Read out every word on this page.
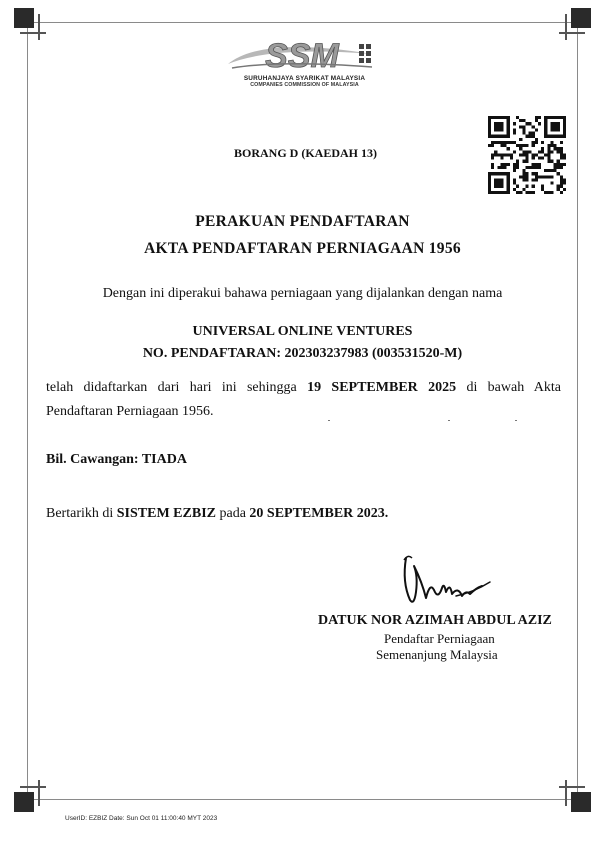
SSM
SURUHANJAYA SYARIKAT MALAYSIA
COMPANIES COMMISSION OF MALAYSIA
BORANG D (KAEDAH 13)
PERAKUAN PENDAFTARAN
AKTA PENDAFTARAN PERNIAGAAN 1956
Dengan ini diperakui bahawa perniagaan yang dijalankan dengan nama
UNIVERSAL ONLINE VENTURES
NO. PENDAFTARAN: 202303237983 (003531520-M)
telah didaftarkan dari hari ini sehingga 19 SEPTEMBER 2025 di bawah Akta
Pendaftaran Perniagaan 1956.
Bil. Cawangan: TIADA
Bertarikh di SISTEM EZBIZ pada 20 SEPTEMBER 2023.
DATUK NOR AZIMAH ABDUL AZIZ
Pendaftar Perniagaan
Semenanjung Malaysia
UserID: EZBIZ Date: Sun Oct 01 11:00:40 MYT 2023
